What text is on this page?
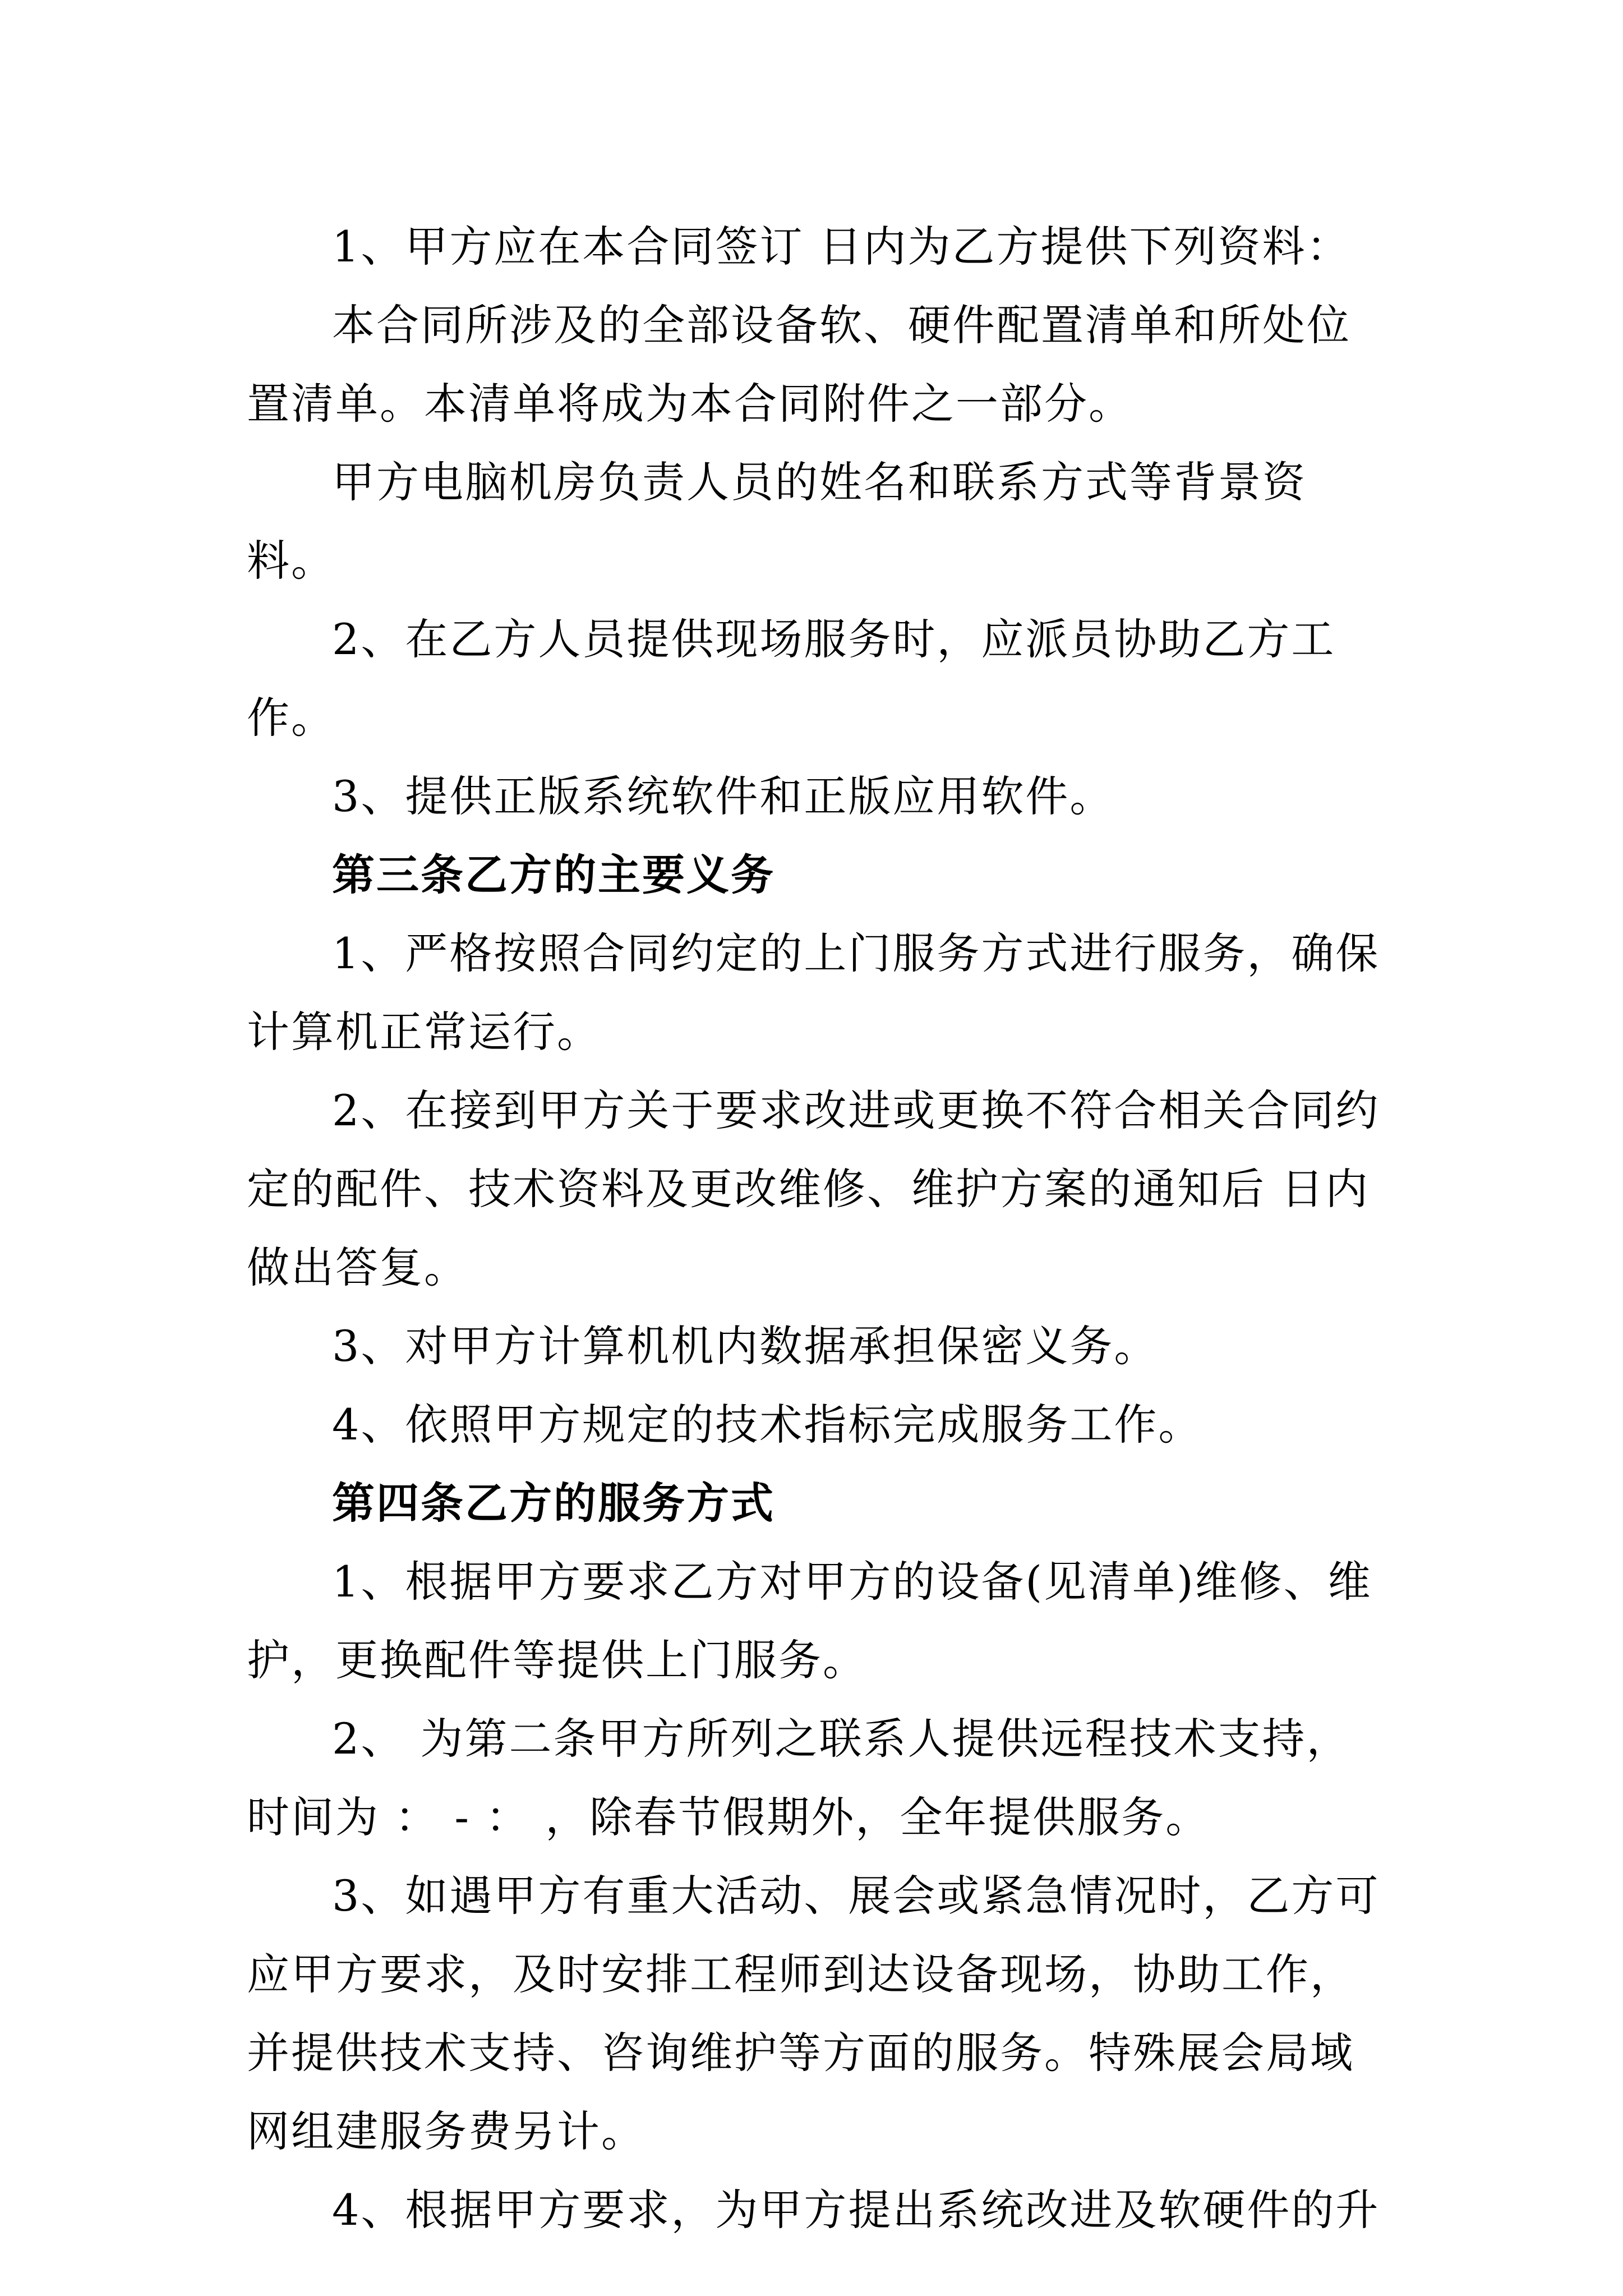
1、甲方应在本合同签订 日内为乙方提供下列资料：

本合同所涉及的全部设备软、硬件配置清单和所处位置清单。本清单将成为本合同附件之一部分。

甲方电脑机房负责人员的姓名和联系方式等背景资料。

2、在乙方人员提供现场服务时，应派员协助乙方工作。

3、提供正版系统软件和正版应用软件。

第三条乙方的主要义务

1、严格按照合同约定的上门服务方式进行服务，确保计算机正常运行。

2、在接到甲方关于要求改进或更换不符合相关合同约定的配件、技术资料及更改维修、维护方案的通知后 日内做出答复。

3、对甲方计算机机内数据承担保密义务。

4、依照甲方规定的技术指标完成服务工作。

第四条乙方的服务方式

1、根据甲方要求乙方对甲方的设备(见清单)维修、维护，更换配件等提供上门服务。

2、 为第二条甲方所列之联系人提供远程技术支持，时间为 ： - ： ，除春节假期外，全年提供服务。

3、如遇甲方有重大活动、展会或紧急情况时，乙方可应甲方要求，及时安排工程师到达设备现场，协助工作，并提供技术支持、咨询维护等方面的服务。特殊展会局域网组建服务费另计。

4、根据甲方要求，为甲方提出系统改进及软硬件的升
